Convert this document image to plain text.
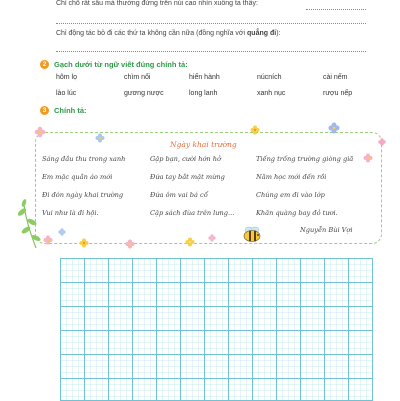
Chỉ chỗ rất sâu mà thường đứng trên núi cao nhìn xuống ta thấy:
Chỉ động tác bỏ đi các thứ ta không cần nữa (đồng nghĩa với quẳng đi):
2	Gạch dưới từ ngữ viết đúng chính tả:
hôm lọ	chìm nổi	hiển hành	núcních	cài nếm
lào lúc	gương nược	long lanh	xanh nục	rượu nếp
3	Chính tả:
Ngày khai trường
Sáng đầu thu trong xanh
Em mặc quần áo mới
Đi đón ngày khai trường
Vui như là đi hội.
Gặp bạn, cười hớn hở
Đứa tay bắt mặt mừng
Đứa ôm vai bá cổ
Cặp sách đùa trên lưng...
Tiếng trống trường giòng giã
Năm học mới đến rồi
Chúng em đi vào lớp
Khăn quàng bay đỏ tươi.
Nguyễn Bùi Vợi
